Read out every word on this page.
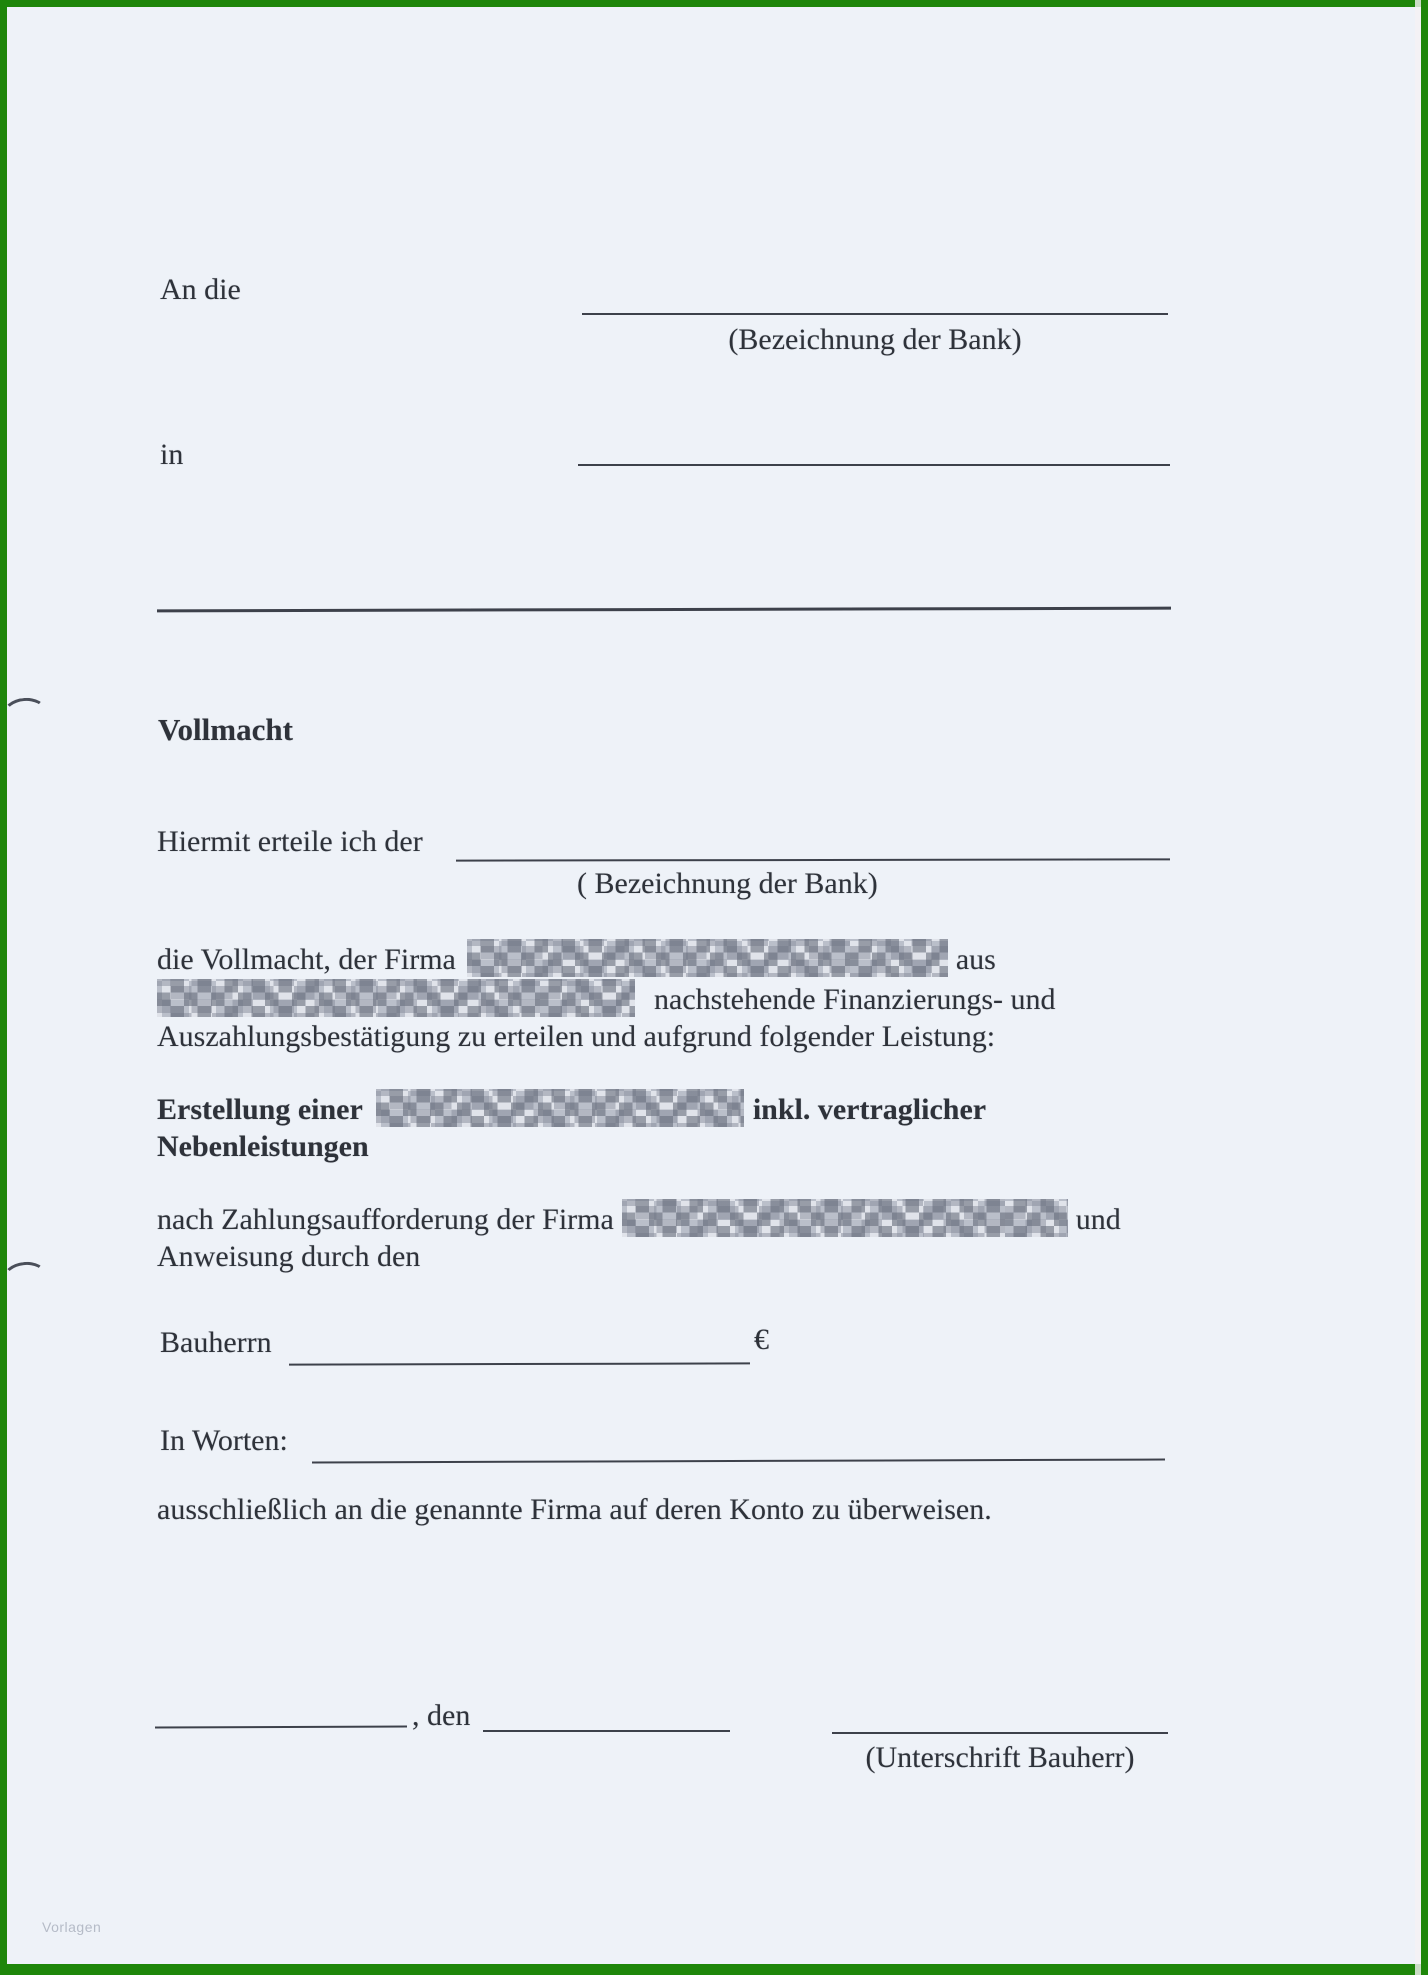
An die
(Bezeichnung der Bank)
in
Vollmacht
Hiermit erteile ich der
( Bezeichnung der Bank)
die Vollmacht, der Firma	aus
nachstehende Finanzierungs- und
Auszahlungsbestätigung zu erteilen und aufgrund folgender Leistung:
Erstellung einer	inkl. vertraglicher
Nebenleistungen
nach Zahlungsaufforderung der Firma	und
Anweisung durch den
Bauherrn	€
In Worten:
ausschließlich an die genannte Firma auf deren Konto zu überweisen.
, den
(Unterschrift Bauherr)
Vorlagen
